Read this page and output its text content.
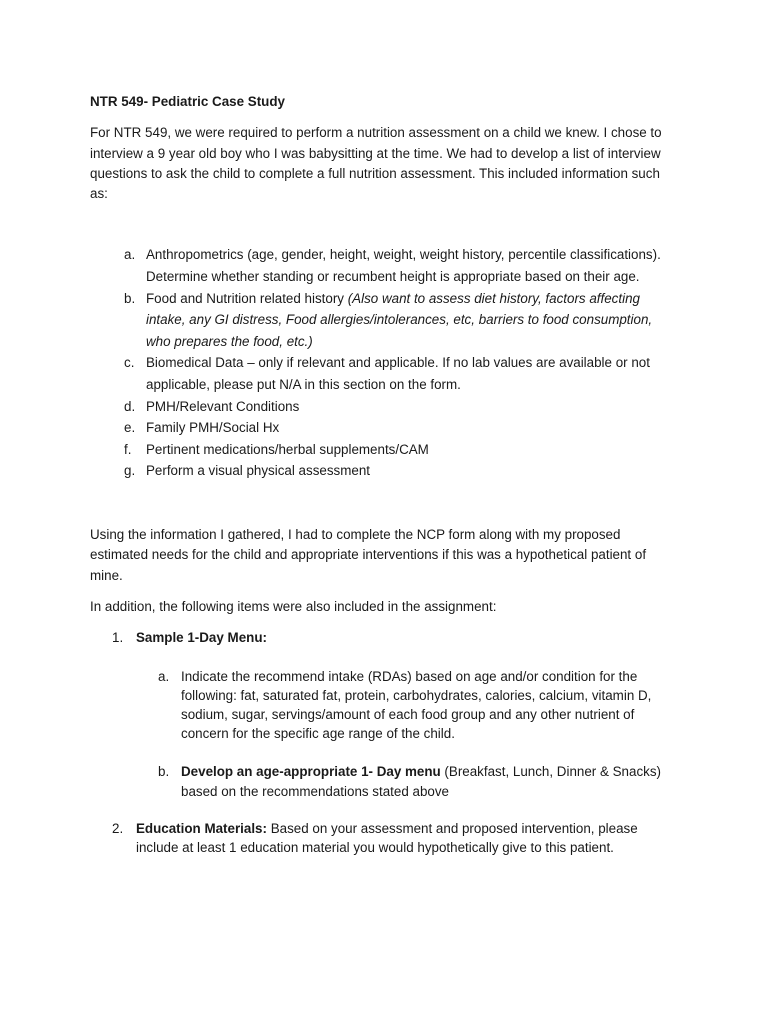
NTR 549- Pediatric Case Study

For NTR 549, we were required to perform a nutrition assessment on a child we knew. I chose to interview a 9 year old boy who I was babysitting at the time. We had to develop a list of interview questions to ask the child to complete a full nutrition assessment. This included information such as:

a. Anthropometrics (age, gender, height, weight, weight history, percentile classifications). Determine whether standing or recumbent height is appropriate based on their age.
b. Food and Nutrition related history (Also want to assess diet history, factors affecting intake, any GI distress, Food allergies/intolerances, etc, barriers to food consumption, who prepares the food, etc.)
c. Biomedical Data – only if relevant and applicable. If no lab values are available or not applicable, please put N/A in this section on the form.
d. PMH/Relevant Conditions
e. Family PMH/Social Hx
f. Pertinent medications/herbal supplements/CAM
g. Perform a visual physical assessment

Using the information I gathered, I had to complete the NCP form along with my proposed estimated needs for the child and appropriate interventions if this was a hypothetical patient of mine.

In addition, the following items were also included in the assignment:

1. Sample 1-Day Menu:
a. Indicate the recommend intake (RDAs) based on age and/or condition for the following: fat, saturated fat, protein, carbohydrates, calories, calcium, vitamin D, sodium, sugar, servings/amount of each food group and any other nutrient of concern for the specific age range of the child.
b. Develop an age-appropriate 1- Day menu (Breakfast, Lunch, Dinner & Snacks) based on the recommendations stated above
2. Education Materials: Based on your assessment and proposed intervention, please include at least 1 education material you would hypothetically give to this patient.
